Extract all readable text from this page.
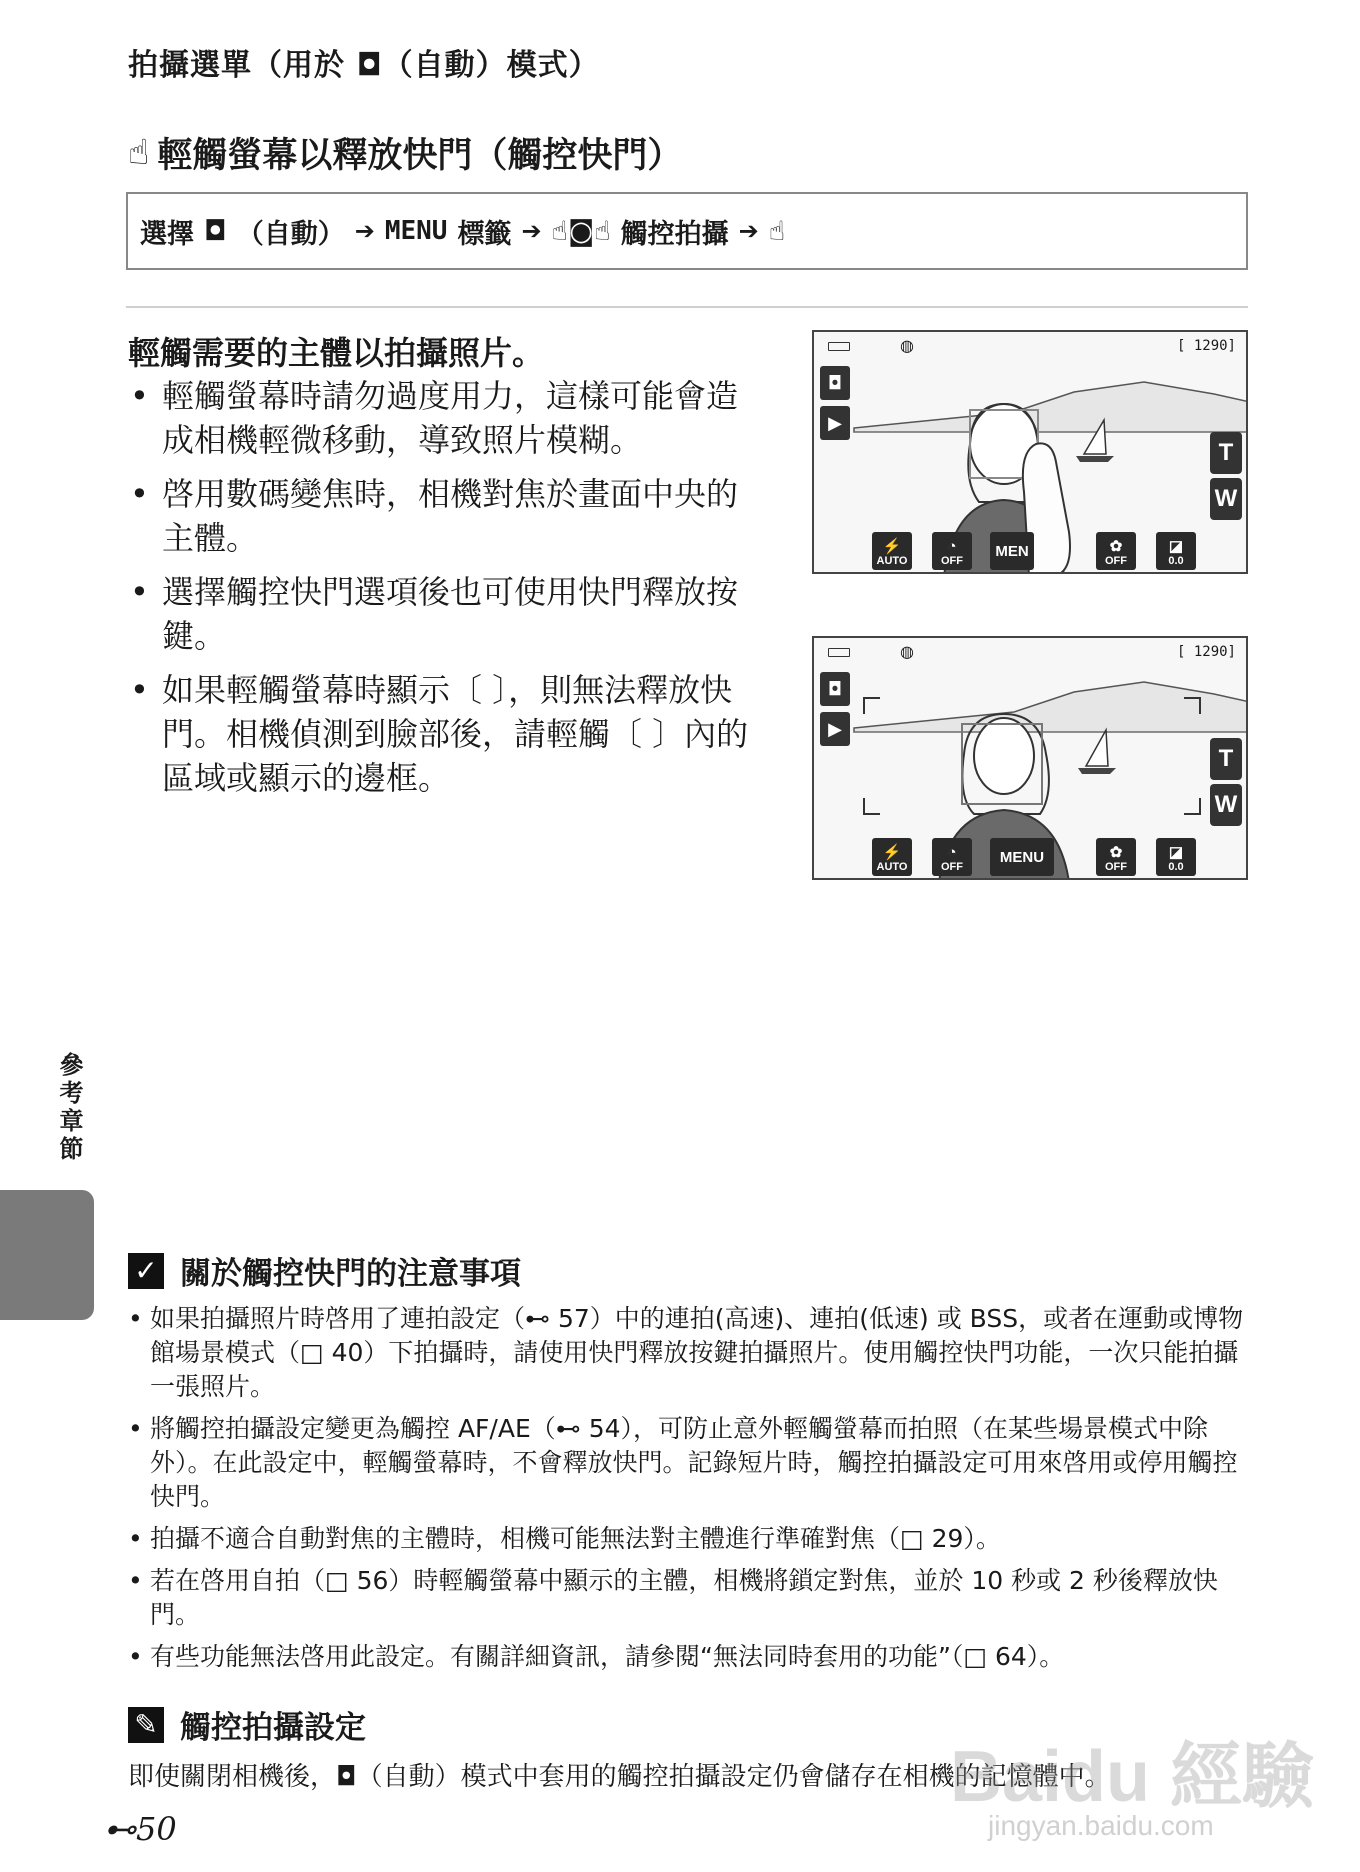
拍攝選單（用於 ◘（自動）模式）
☝ 輕觸螢幕以釋放快門（觸控快門）
選擇 ◘ （自動） ➔ MENU 標籤 ➔ ☝◙☝ 觸控拍攝 ➔ ☝
輕觸需要的主體以拍攝照片。
• 輕觸螢幕時請勿過度用力，這樣可能會造成相機輕微移動，導致照片模糊。
• 啓用數碼變焦時，相機對焦於畫面中央的主體。
• 選擇觸控快門選項後也可使用快門釋放按鍵。
• 如果輕觸螢幕時顯示〔 〕，則無法釋放快門。相機偵測到臉部後，請輕觸〔 〕內的區域或顯示的邊框。
◍	[ 1290]
◘
▶
T
W
⚡
AUTO
◔
OFF
MEN	✿
OFF
◪
0.0
◍	[ 1290]
◘
▶
T
W
⚡
AUTO
◔
OFF
MENU	✿
OFF
◪
0.0
參考章節
✓ 關於觸控快門的注意事項
• 如果拍攝照片時啓用了連拍設定（⊷ 57）中的連拍(高速)、連拍(低速) 或 BSS，或者在運動或博物館場景模式（□ 40）下拍攝時，請使用快門釋放按鍵拍攝照片。使用觸控快門功能，一次只能拍攝一張照片。
• 將觸控拍攝設定變更為觸控 AF/AE（⊷ 54），可防止意外輕觸螢幕而拍照（在某些場景模式中除外）。在此設定中，輕觸螢幕時，不會釋放快門。記錄短片時，觸控拍攝設定可用來啓用或停用觸控快門。
• 拍攝不適合自動對焦的主體時，相機可能無法對主體進行準確對焦（□ 29）。
• 若在啓用自拍（□ 56）時輕觸螢幕中顯示的主體，相機將鎖定對焦，並於 10 秒或 2 秒後釋放快門。
• 有些功能無法啓用此設定。有關詳細資訊，請參閱“無法同時套用的功能”（□ 64）。
✎ 觸控拍攝設定
即使關閉相機後，◘（自動）模式中套用的觸控拍攝設定仍會儲存在相機的記憶體中。
⊷50
Baidu 經驗
jingyan.baidu.com
